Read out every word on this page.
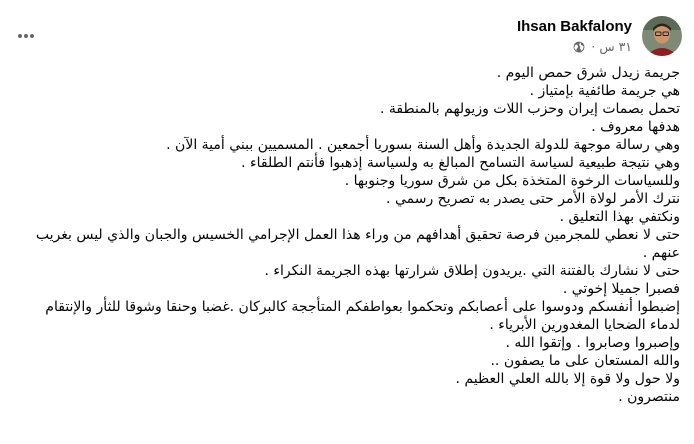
Ihsan Bakfalony
٣١ س
·

جريمة زيدل شرق حمص اليوم .

هي جريمة طائفية بإمتياز .

تحمل بصمات إيران وحزب اللات وزيولهم بالمنطقة .

هدفها معروف .

وهي رسالة موجهة للدولة الجديدة وأهل السنة بسوريا أجمعين . المسميين ببني أمية الآن .

وهي نتيجة طبيعية لسياسة التسامح المبالغ به ولسياسة إذهبوا فأنتم الطلقاء .

وللسياسات الرخوة المتخذة بكل من شرق سوريا وجنوبها .

نترك الأمر لولاة الأمر حتى يصدر به تصريح رسمي .

ونكتفي بهذا التعليق .

حتى لا نعطي للمجرمين فرصة تحقيق أهدافهم من وراء هذا العمل الإجرامي الخسيس والجبان والذي ليس بغريب عنهم .

حتى لا نشارك بالفتنة التي .يريدون إطلاق شرارتها بهذه الجريمة النكراء .

فصبرا جميلا إخوتي .

إضبطوا أنفسكم ودوسوا على أعصابكم وتحكموا بعواطفكم المتأججة كالبركان .غضبا وحنقا وشوقا للثأر والإنتقام

لدماء الضحايا المغدورين الأبرياء .

وإصبروا وصابروا . وإتقوا الله .

والله المستعان على ما يصفون ..

ولا حول ولا قوة إلا بالله العلي العظيم .

منتصرون .
